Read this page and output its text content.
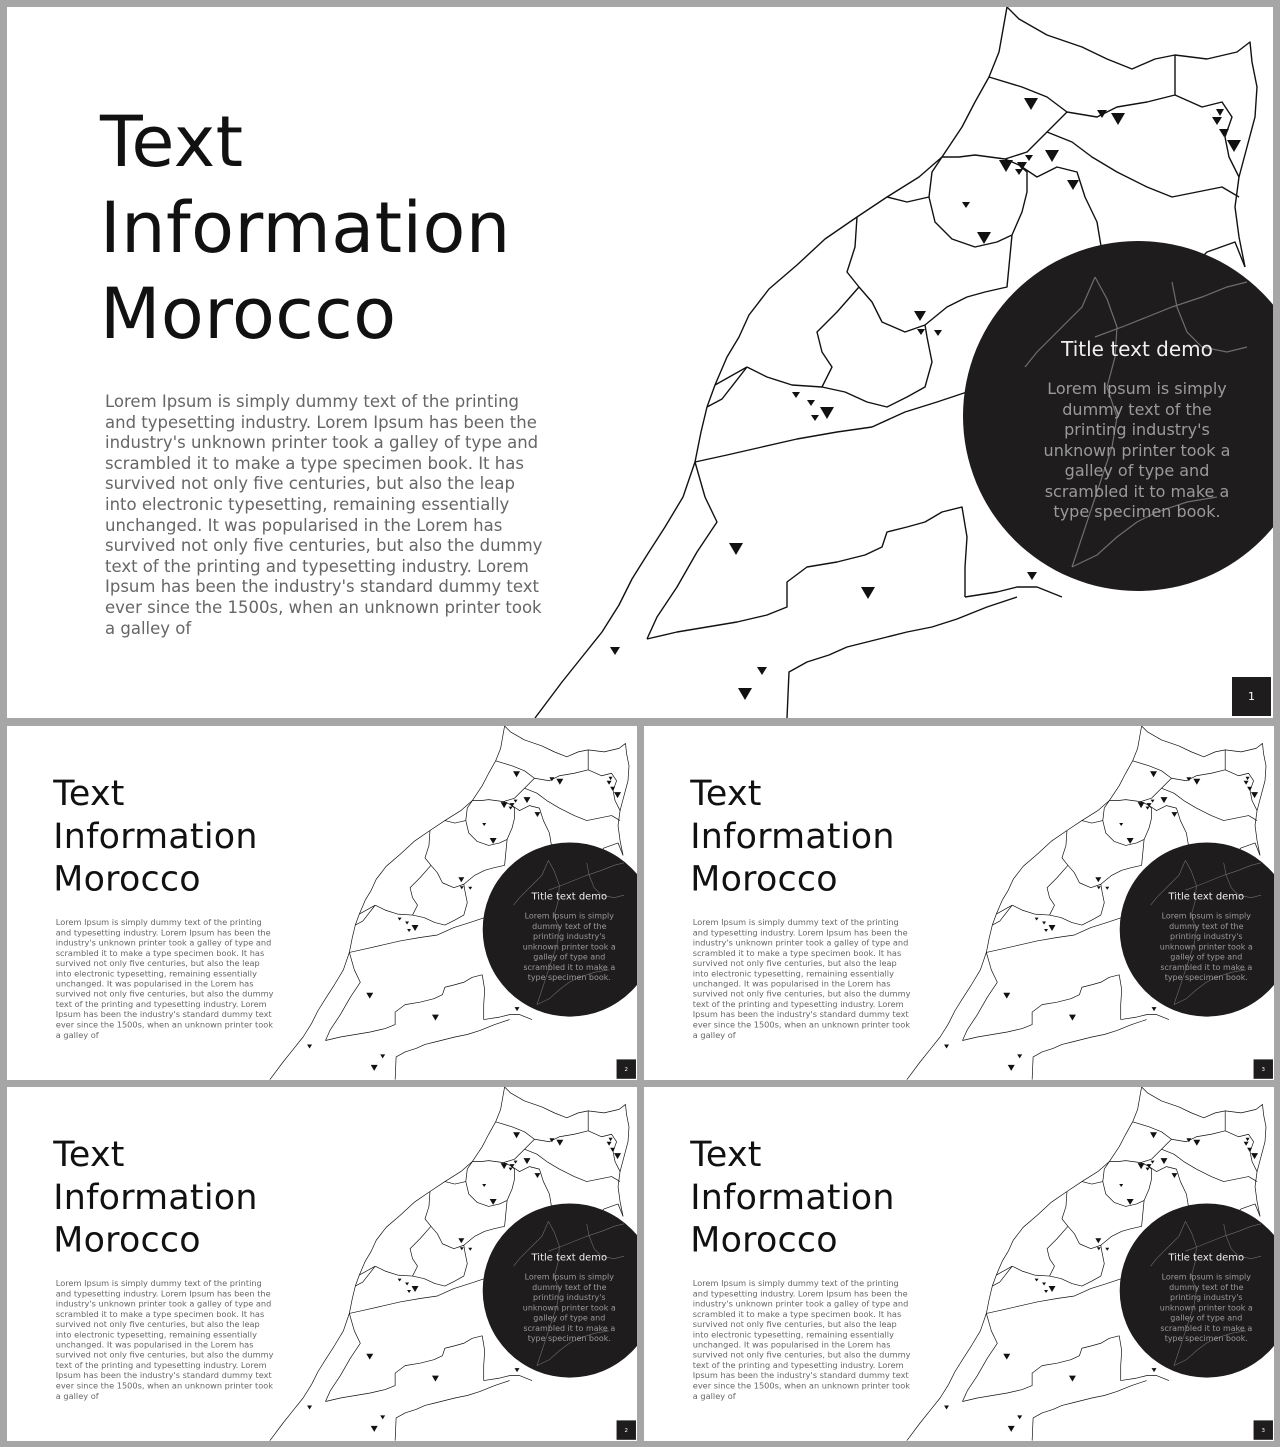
Text
Information
Morocco

Lorem Ipsum is simply dummy text of the printing and typesetting industry. Lorem Ipsum has been the industry's unknown printer took a galley of type and scrambled it to make a type specimen book. It has survived not only five centuries, but also the leap into electronic typesetting, remaining essentially unchanged. It was popularised in the Lorem has survived not only five centuries, but also the dummy text of the printing and typesetting industry. Lorem Ipsum has been the industry's standard dummy text ever since the 1500s, when an unknown printer took a galley of

Title text demo

Lorem Ipsum is simply dummy text of the printing industry's unknown printer took a galley of type and scrambled it to make a type specimen book.

1
Text
Information
Morocco

Lorem Ipsum is simply dummy text of the printing and typesetting industry. Lorem Ipsum has been the industry's unknown printer took a galley of type and scrambled it to make a type specimen book. It has survived not only five centuries, but also the leap into electronic typesetting, remaining essentially unchanged. It was popularised in the Lorem has survived not only five centuries, but also the dummy text of the printing and typesetting industry. Lorem Ipsum has been the industry's standard dummy text ever since the 1500s, when an unknown printer took a galley of

Title text demo

Lorem Ipsum is simply dummy text of the printing industry's unknown printer took a galley of type and scrambled it to make a type specimen book.

2
Text
Information
Morocco

Lorem Ipsum is simply dummy text of the printing and typesetting industry. Lorem Ipsum has been the industry's unknown printer took a galley of type and scrambled it to make a type specimen book. It has survived not only five centuries, but also the leap into electronic typesetting, remaining essentially unchanged. It was popularised in the Lorem has survived not only five centuries, but also the dummy text of the printing and typesetting industry. Lorem Ipsum has been the industry's standard dummy text ever since the 1500s, when an unknown printer took a galley of

Title text demo

Lorem Ipsum is simply dummy text of the printing industry's unknown printer took a galley of type and scrambled it to make a type specimen book.

3
Text
Information
Morocco

Lorem Ipsum is simply dummy text of the printing and typesetting industry. Lorem Ipsum has been the industry's unknown printer took a galley of type and scrambled it to make a type specimen book. It has survived not only five centuries, but also the leap into electronic typesetting, remaining essentially unchanged. It was popularised in the Lorem has survived not only five centuries, but also the dummy text of the printing and typesetting industry. Lorem Ipsum has been the industry's standard dummy text ever since the 1500s, when an unknown printer took a galley of

Title text demo

Lorem Ipsum is simply dummy text of the printing industry's unknown printer took a galley of type and scrambled it to make a type specimen book.

2
Text
Information
Morocco

Lorem Ipsum is simply dummy text of the printing and typesetting industry. Lorem Ipsum has been the industry's unknown printer took a galley of type and scrambled it to make a type specimen book. It has survived not only five centuries, but also the leap into electronic typesetting, remaining essentially unchanged. It was popularised in the Lorem has survived not only five centuries, but also the dummy text of the printing and typesetting industry. Lorem Ipsum has been the industry's standard dummy text ever since the 1500s, when an unknown printer took a galley of

Title text demo

Lorem Ipsum is simply dummy text of the printing industry's unknown printer took a galley of type and scrambled it to make a type specimen book.

3
